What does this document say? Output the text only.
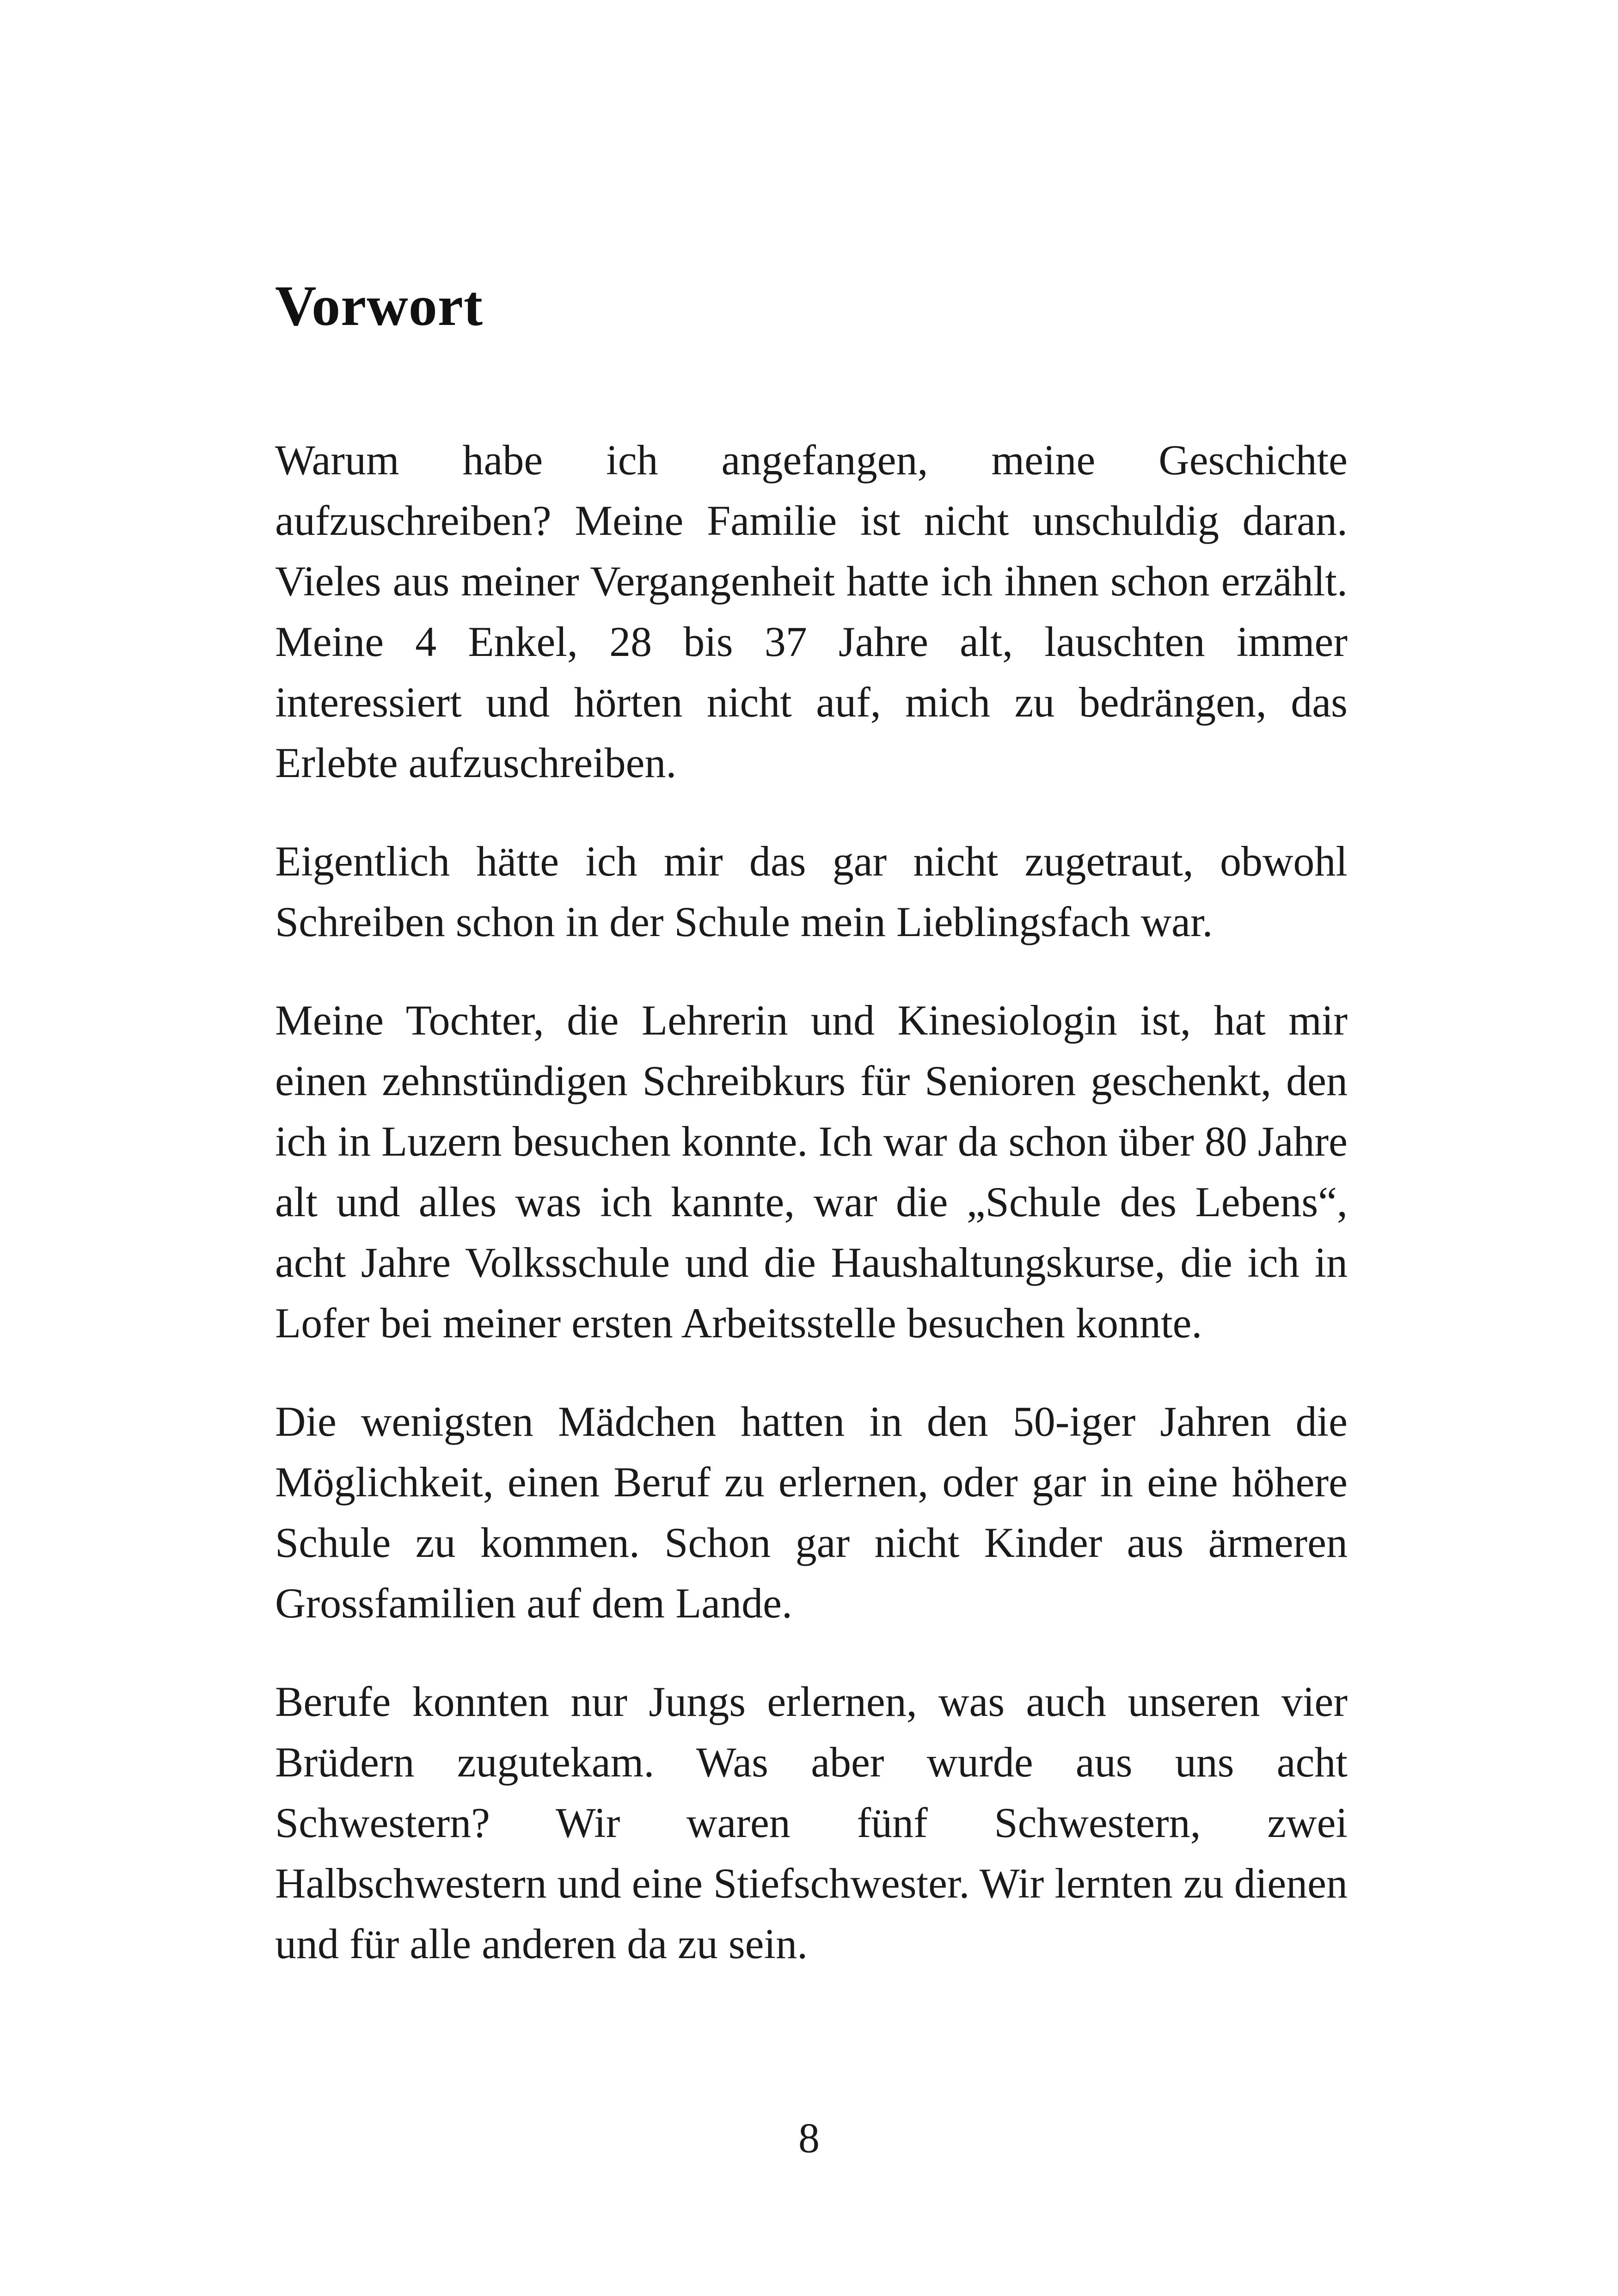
Vorwort

Warum habe ich angefangen, meine Geschichte aufzuschreiben? Meine Familie ist nicht unschuldig daran. Vieles aus meiner Vergangenheit hatte ich ihnen schon erzählt. Meine 4 Enkel, 28 bis 37 Jahre alt, lauschten immer interessiert und hörten nicht auf, mich zu bedrängen, das Erlebte aufzuschreiben.

Eigentlich hätte ich mir das gar nicht zugetraut, obwohl Schreiben schon in der Schule mein Lieblingsfach war.

Meine Tochter, die Lehrerin und Kinesiologin ist, hat mir einen zehnstündigen Schreibkurs für Senioren geschenkt, den ich in Luzern besuchen konnte. Ich war da schon über 80 Jahre alt und alles was ich kannte, war die „Schule des Lebens“, acht Jahre Volksschule und die Haushaltungskurse, die ich in Lofer bei meiner ersten Arbeitsstelle besuchen konnte.

Die wenigsten Mädchen hatten in den 50-iger Jahren die Möglichkeit, einen Beruf zu erlernen, oder gar in eine höhere Schule zu kommen. Schon gar nicht Kinder aus ärmeren Grossfamilien auf dem Lande.

Berufe konnten nur Jungs erlernen, was auch unseren vier Brüdern zugutekam. Was aber wurde aus uns acht Schwestern? Wir waren fünf Schwestern, zwei Halbschwestern und eine Stiefschwester. Wir lernten zu dienen und für alle anderen da zu sein.

8
